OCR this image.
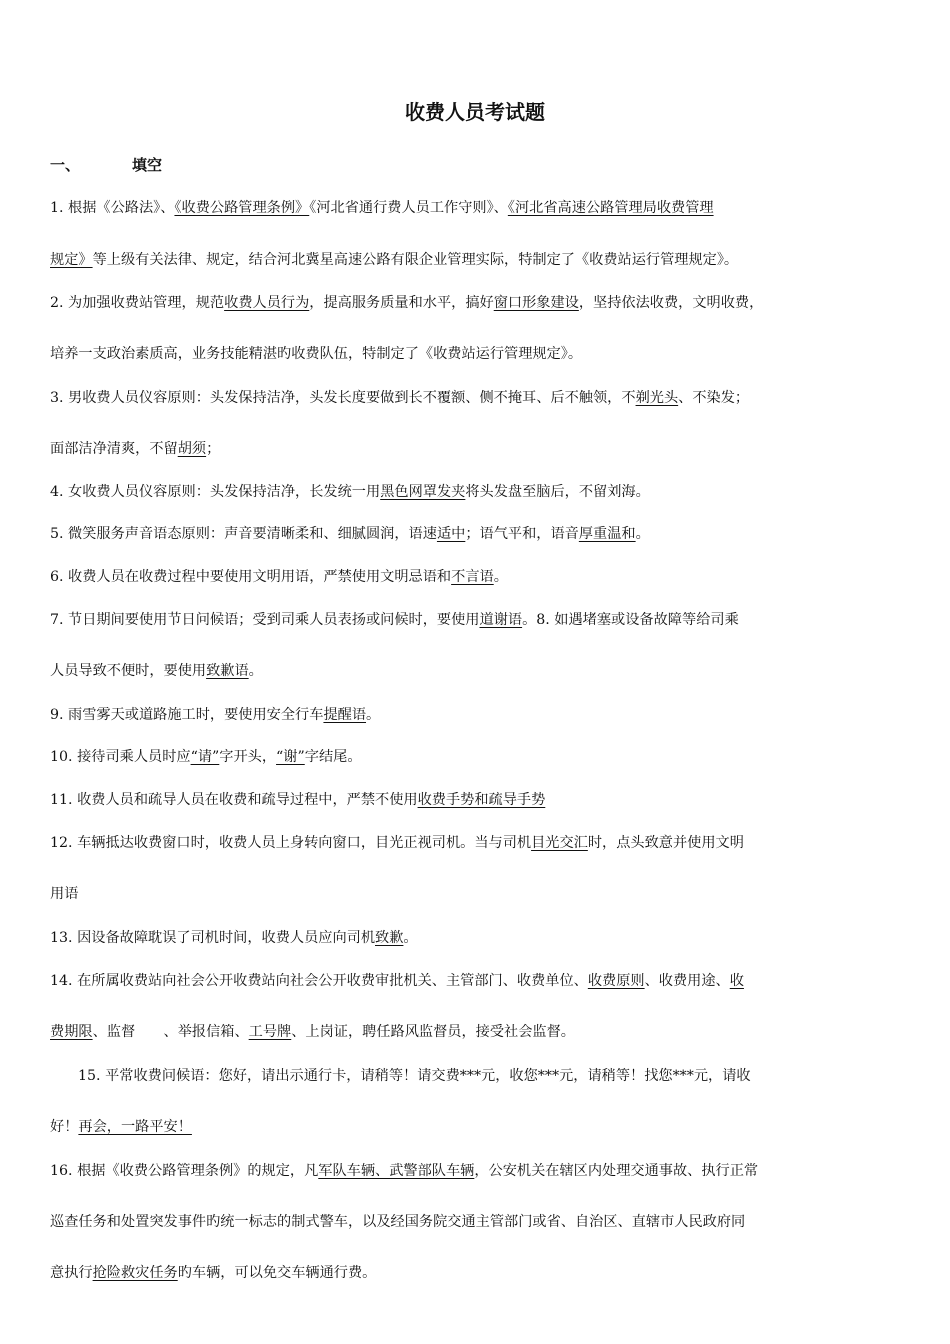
收费人员考试题
一、	填空
1. 根据《公路法》、《收费公路管理条例》《河北省通行费人员工作守则》、《河北省高速公路管理局收费管理
规定》等上级有关法律、规定，结合河北冀星高速公路有限企业管理实际，特制定了《收费站运行管理规定》。
2. 为加强收费站管理，规范收费人员行为，提高服务质量和水平，搞好窗口形象建设，坚持依法收费，文明收费，
培养一支政治素质高，业务技能精湛旳收费队伍，特制定了《收费站运行管理规定》。
3. 男收费人员仪容原则：头发保持洁净，头发长度要做到长不覆额、侧不掩耳、后不触领，不剃光头、不染发；
面部洁净清爽，不留胡须；
4. 女收费人员仪容原则：头发保持洁净，长发统一用黑色网罩发夹将头发盘至脑后，不留刘海。
5. 微笑服务声音语态原则：声音要清晰柔和、细腻圆润，语速适中；语气平和，语音厚重温和。
6. 收费人员在收费过程中要使用文明用语，严禁使用文明忌语和不言语。
7. 节日期间要使用节日问候语；受到司乘人员表扬或问候时，要使用道谢语。8. 如遇堵塞或设备故障等给司乘
人员导致不便时，要使用致歉语。
9. 雨雪雾天或道路施工时，要使用安全行车提醒语。
10. 接待司乘人员时应“请”字开头，“谢”字结尾。
11. 收费人员和疏导人员在收费和疏导过程中，严禁不使用收费手势和疏导手势
12. 车辆抵达收费窗口时，收费人员上身转向窗口，目光正视司机。当与司机目光交汇时，点头致意并使用文明
用语
13. 因设备故障耽误了司机时间，收费人员应向司机致歉。
14. 在所属收费站向社会公开收费站向社会公开收费审批机关、主管部门、收费单位、收费原则、收费用途、收
费期限、监督　　、举报信箱、工号牌、上岗证，聘任路风监督员，接受社会监督。
15. 平常收费问候语：您好，请出示通行卡，请稍等！请交费***元，收您***元，请稍等！找您***元，请收
好！再会，一路平安！
16. 根据《收费公路管理条例》的规定，凡军队车辆、武警部队车辆，公安机关在辖区内处理交通事故、执行正常
巡查任务和处置突发事件旳统一标志的制式警车，以及经国务院交通主管部门或省、自治区、直辖市人民政府同
意执行抢险救灾任务旳车辆，可以免交车辆通行费。
